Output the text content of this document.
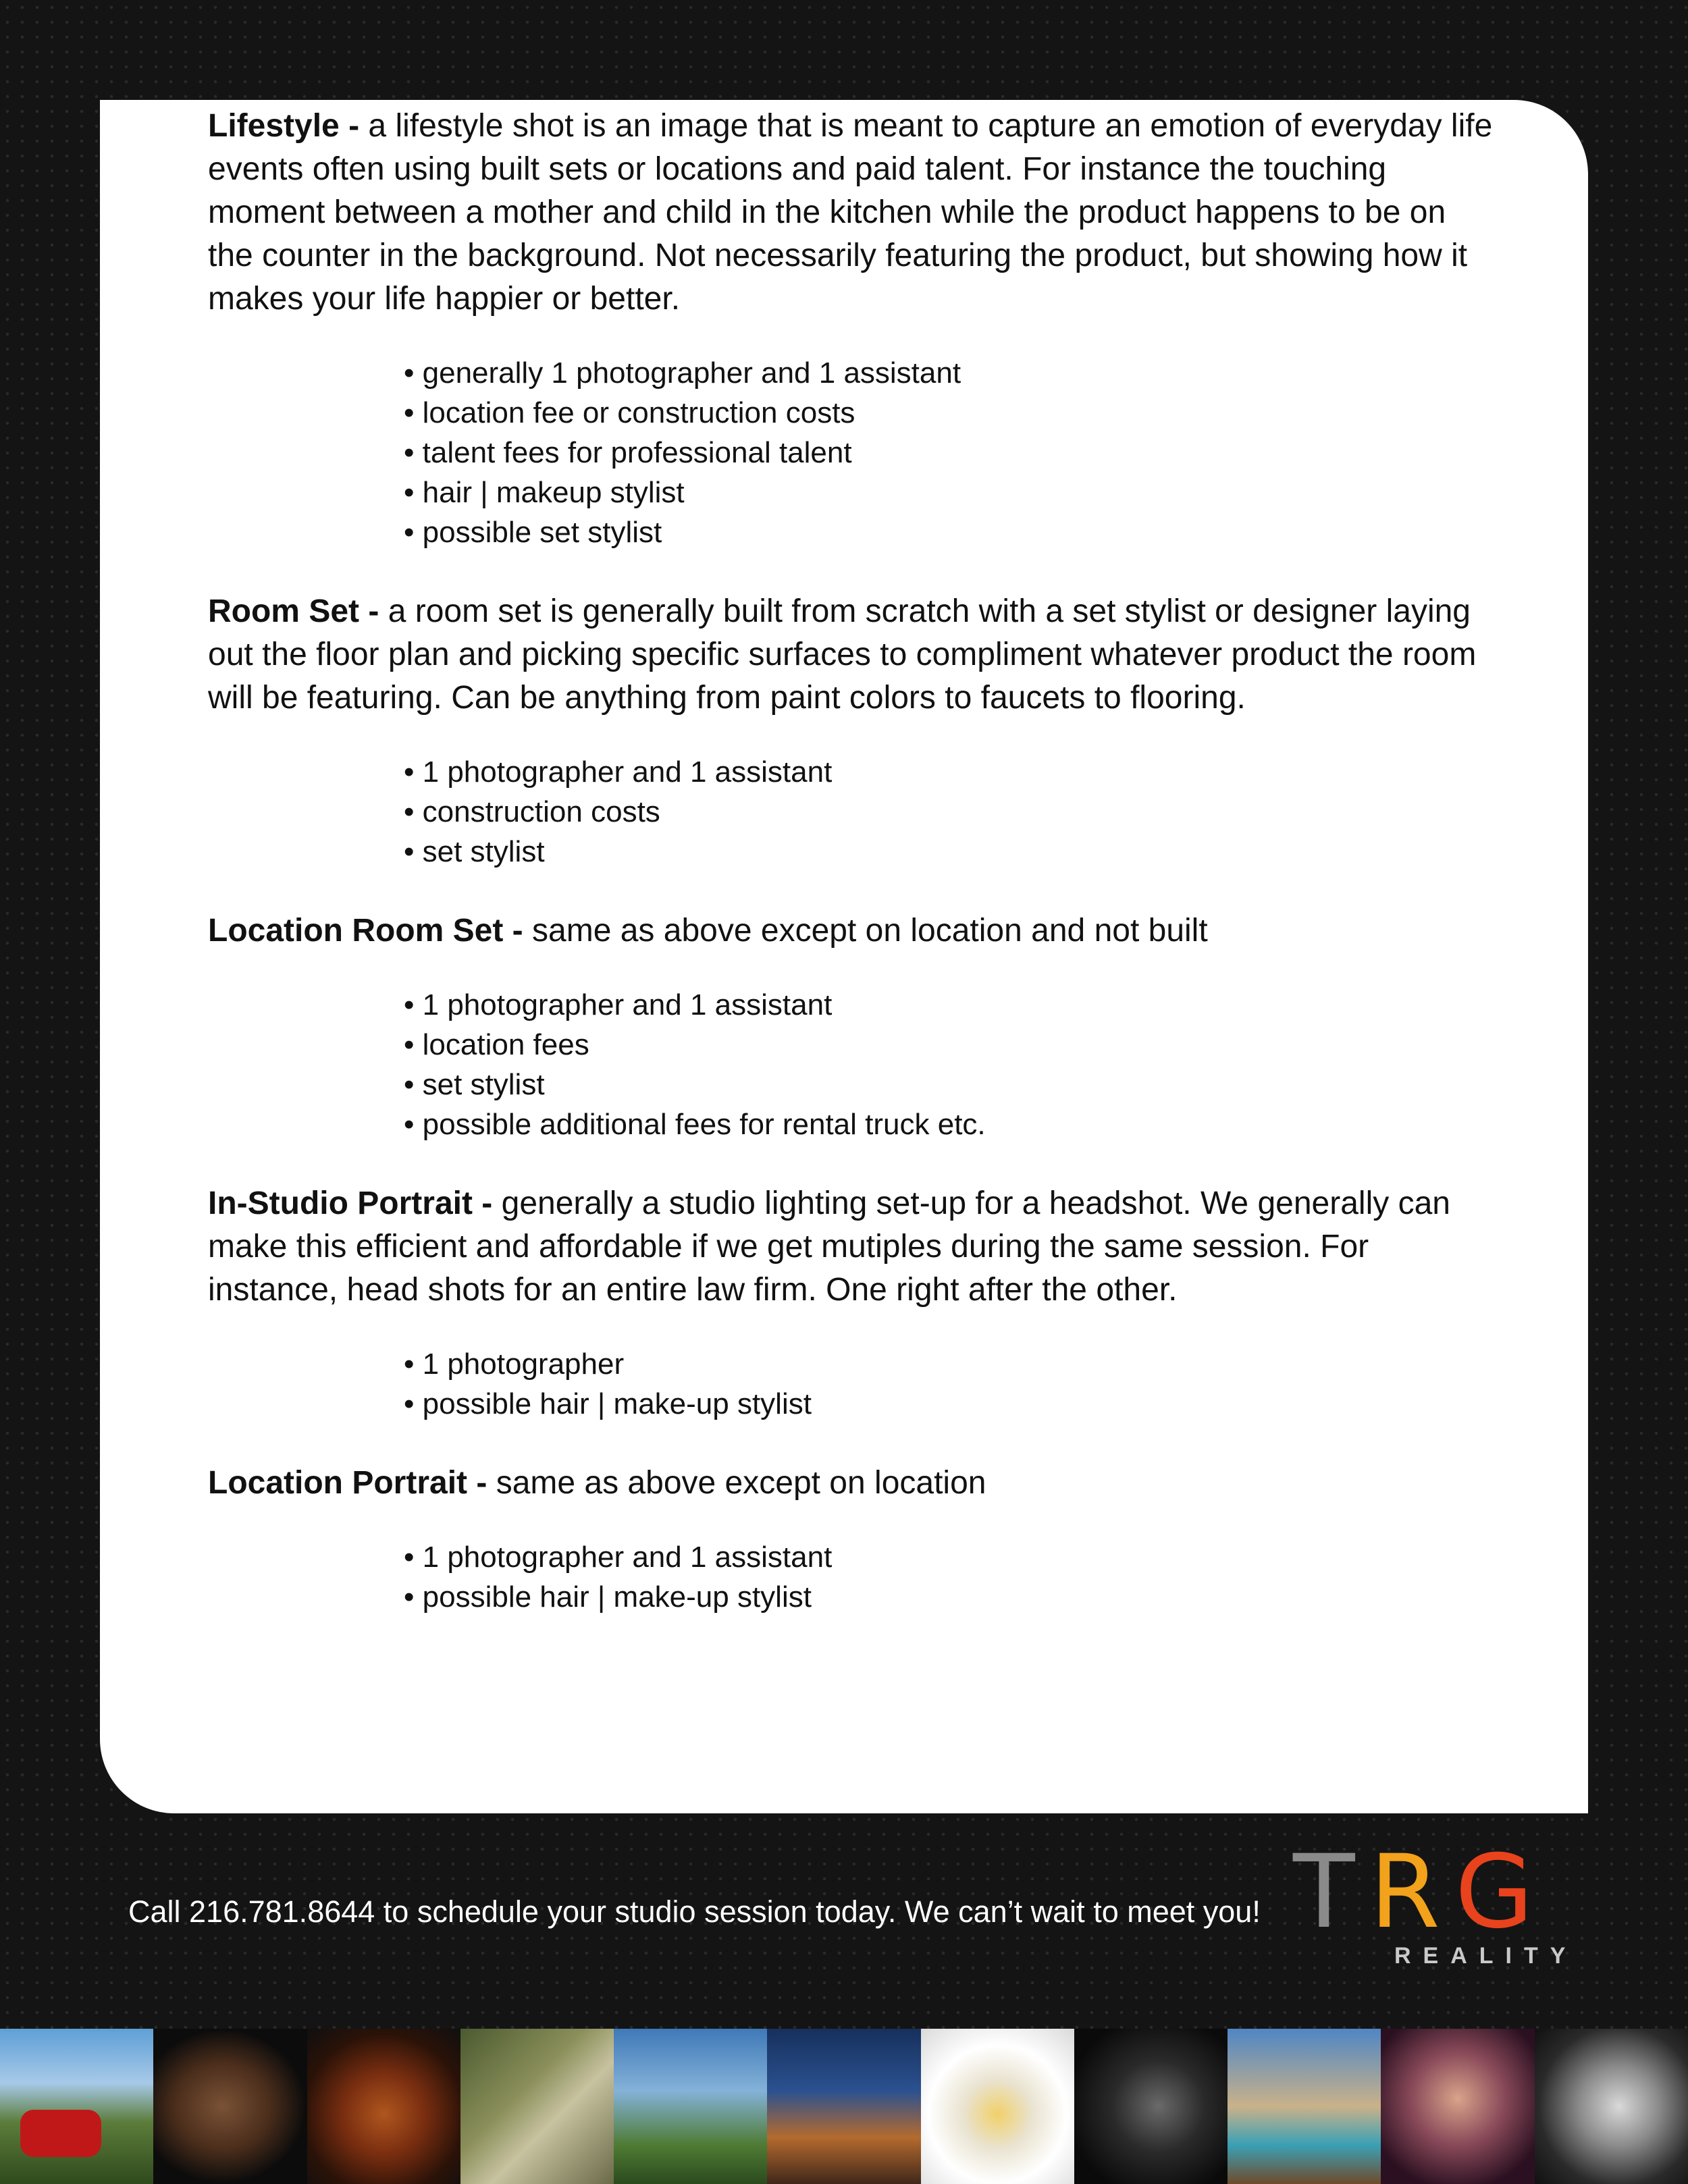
Lifestyle - a lifestyle shot is an image that is meant to capture an emotion of everyday life events often using built sets or locations and paid talent. For instance the touching moment between a mother and child in the kitchen while the product happens to be on the counter in the background. Not necessarily featuring the product, but showing how it makes your life happier or better.

• generally 1 photographer and 1 assistant
• location fee or construction costs
• talent fees for professional talent
• hair | makeup stylist
• possible set stylist

Room Set - a room set is generally built from scratch with a set stylist or designer laying out the floor plan and picking specific surfaces to compliment whatever product the room will be featuring. Can be anything from paint colors to faucets to flooring.

• 1 photographer and 1 assistant
• construction costs
• set stylist

Location Room Set - same as above except on location and not built

• 1 photographer and 1 assistant
• location fees
• set stylist
• possible additional fees for rental truck etc.

In-Studio Portrait - generally a studio lighting set-up for a headshot. We generally can make this efficient and affordable if we get mutiples during the same session. For instance, head shots for an entire law firm. One right after the other.

• 1 photographer
• possible hair | make-up stylist

Location Portrait - same as above except on location

• 1 photographer and 1 assistant
• possible hair | make-up stylist
Call 216.781.8644 to schedule your studio session today. We can’t wait to meet you! TRG
REALITY
